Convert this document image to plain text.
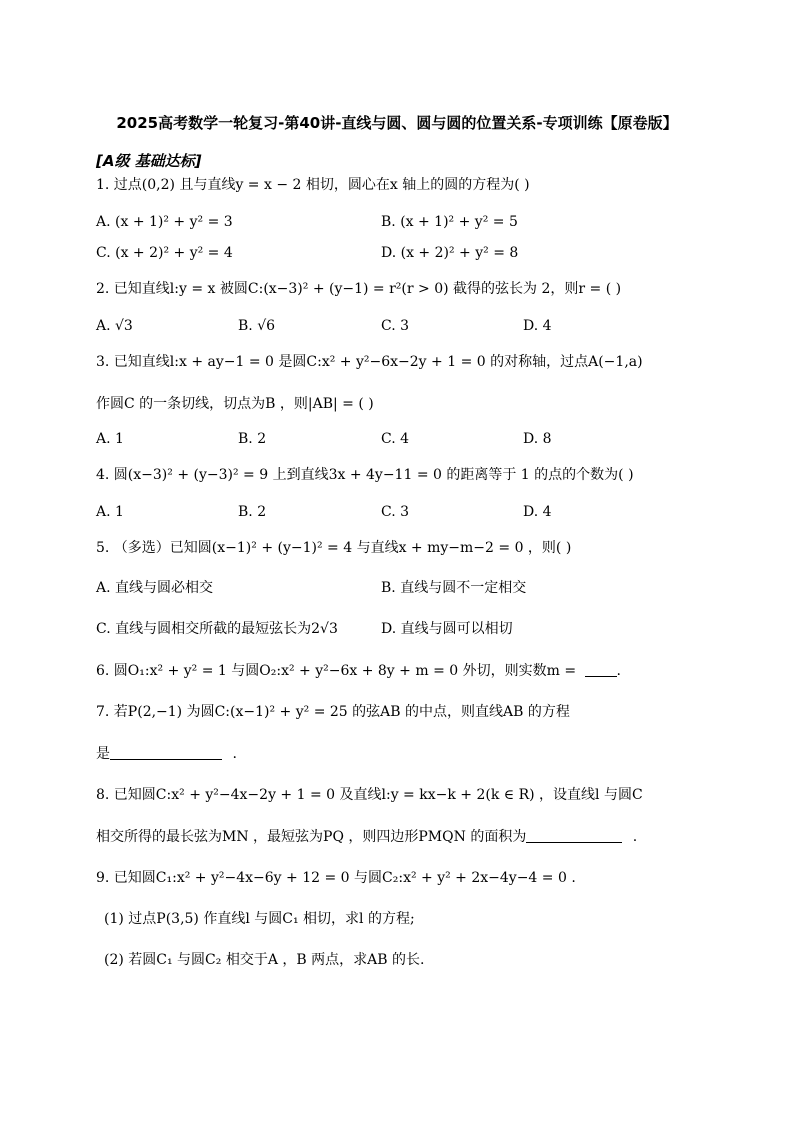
2025高考数学一轮复习-第40讲-直线与圆、圆与圆的位置关系-专项训练【原卷版】
[A级 基础达标]
1. 过点(0,2) 且与直线y = x − 2 相切，圆心在x 轴上的圆的方程为( )
A. (x + 1)² + y² = 3	B. (x + 1)² + y² = 5
C. (x + 2)² + y² = 4	D. (x + 2)² + y² = 8
2. 已知直线l:y = x 被圆C:(x−3)² + (y−1) = r²(r > 0) 截得的弦长为 2，则r = ( )
A. √3	B. √6	C. 3	D. 4
3. 已知直线l:x + ay−1 = 0 是圆C:x² + y²−6x−2y + 1 = 0 的对称轴，过点A(−1,a)
作圆C 的一条切线，切点为B ，则|AB| = ( )
A. 1	B. 2	C. 4	D. 8
4. 圆(x−3)² + (y−3)² = 9 上到直线3x + 4y−11 = 0 的距离等于 1 的点的个数为( )
A. 1	B. 2	C. 3	D. 4
5. （多选）已知圆(x−1)² + (y−1)² = 4 与直线x + my−m−2 = 0 ，则( )
A. 直线与圆必相交	B. 直线与圆不一定相交
C. 直线与圆相交所截的最短弦长为2√3	D. 直线与圆可以相切
6. 圆O₁:x² + y² = 1 与圆O₂:x² + y²−6x + 8y + m = 0 外切，则实数m =	.
7. 若P(2,−1) 为圆C:(x−1)² + y² = 25 的弦AB 的中点，则直线AB 的方程
是	.
8. 已知圆C:x² + y²−4x−2y + 1 = 0 及直线l:y = kx−k + 2(k ∈ R) ，设直线l 与圆C
相交所得的最长弦为MN ，最短弦为PQ ，则四边形PMQN 的面积为	.
9. 已知圆C₁:x² + y²−4x−6y + 12 = 0 与圆C₂:x² + y² + 2x−4y−4 = 0 .
(1) 过点P(3,5) 作直线l 与圆C₁ 相切，求l 的方程;
(2) 若圆C₁ 与圆C₂ 相交于A ，B 两点，求AB 的长.
